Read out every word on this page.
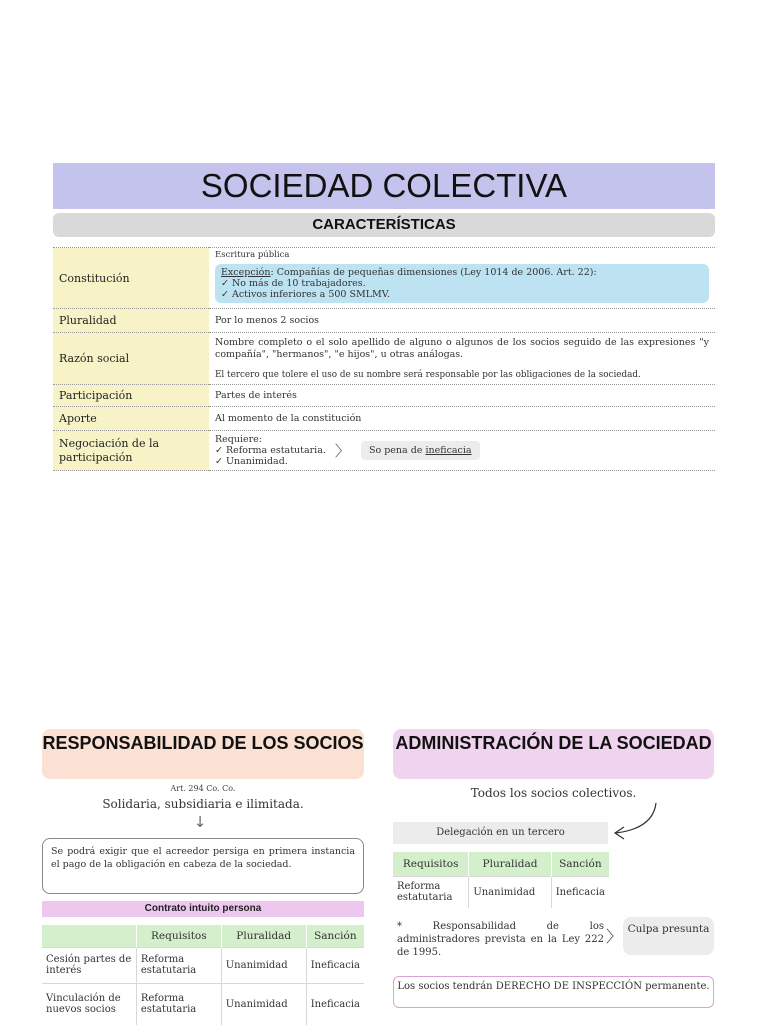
SOCIEDAD COLECTIVA
CARACTERÍSTICAS
Constitución	Escritura pública
Excepción: Compañías de pequeñas dimensiones (Ley 1014 de 2006. Art. 22):
✓ No más de 10 trabajadores.
✓ Activos inferiores a 500 SMLMV.

Pluralidad	Por lo menos 2 socios
Razón social	Nombre completo o el solo apellido de alguno o algunos de los socios seguido de las expresiones "y compañía", "hermanos", "e hijos", u otras análogas.
El tercero que tolere el uso de su nombre será responsable por las obligaciones de la sociedad.

Participación	Partes de interés
Aporte	Al momento de la constitución
Negociación de la participación	Requiere:
✓ Reforma estatutaria.
✓ Unanimidad.
〉 So pena de ineficacia
RESPONSABILIDAD DE LOS SOCIOS
Art. 294 Co. Co.
Solidaria, subsidiaria e ilimitada.
↓
Se podrá exigir que el acreedor persiga en primera instancia el pago de la obligación en cabeza de la sociedad.
Contrato intuito persona
	Requisitos	Pluralidad	Sanción
Cesión partes de interés	Reforma estatutaria	Unanimidad	Ineficacia
Vinculación de nuevos socios	Reforma estatutaria	Unanimidad	Ineficacia
ADMINISTRACIÓN DE LA SOCIEDAD
Todos los socios colectivos.
Delegación en un tercero
Requisitos	Pluralidad	Sanción
Reforma estatutaria	Unanimidad	Ineficacia
* Responsabilidad de los administradores prevista en la Ley 222 de 1995.
〉 Culpa presunta
Los socios tendrán DERECHO DE INSPECCIÓN permanente.
